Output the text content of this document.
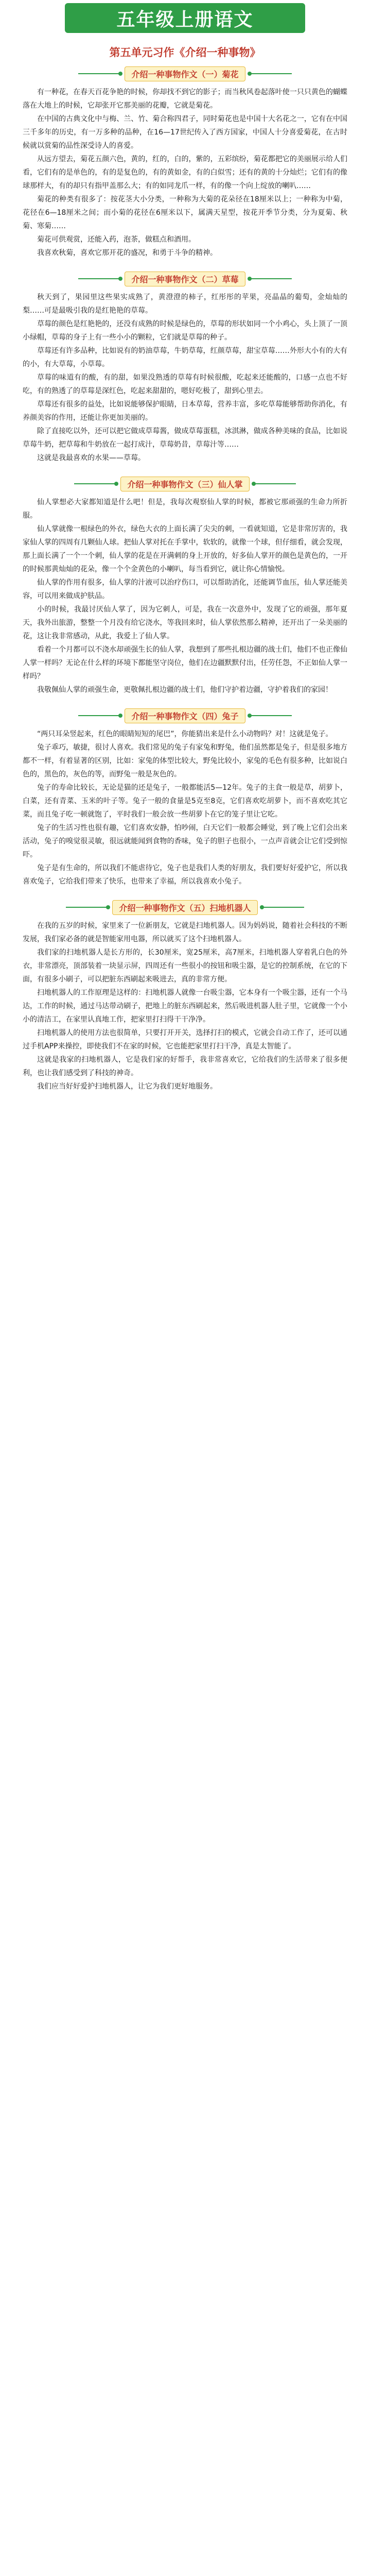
五年级上册语文
第五单元习作《介绍一种事物》
介绍一种事物作文（一）菊花

有一种花，在春天百花争艳的时候，你却找不到它的影子；而当秋风卷起落叶使一只只黄色的蝴蝶落在大地上的时候，它却张开它那美丽的花瓣，它就是菊花。

在中国的古典文化中与梅、兰、竹、菊合称四君子，同时菊花也是中国十大名花之一，它有在中国三千多年的历史，有一万多种的品种，在16—17世纪传入了西方国家，中国人十分喜爱菊花，在古时候就以赏菊的品性深受诗人的喜爱。

从远方望去，菊花五颜六色，黄的，红的，白的，紫的，五彩缤纷，菊花都把它的美丽展示给人们看，它们有的是单色的，有的是复色的，有的黄如金，有的白似雪；还有的黄的十分灿烂；它们有的像球那样大，有的却只有指甲盖那么大；有的如同龙爪一样，有的像一个向上绽放的喇叭……

菊花的种类有很多了：按花茎大小分类，一种称为大菊的花朵径在18厘米以上；一种称为中菊，花径在6—18厘米之间；而小菊的花径在6厘米以下，属满天星型，按花开季节分类，分为夏菊、秋菊、寒菊……

菊花可供观赏，还能入药，泡茶，做糕点和酒用。

我喜欢秋菊，喜欢它那开花的盛况，和勇于斗争的精神。

介绍一种事物作文（二）草莓

秋天到了，果园里这些果实成熟了，黄澄澄的柿子，红彤彤的苹果，亮晶晶的葡萄，金灿灿的梨……可是最吸引我的是红艳艳的草莓。

草莓的颜色是红艳艳的，还没有成熟的时候是绿色的，草莓的形状如同一个小鸡心，头上顶了一顶小绿帽，草莓的身子上有一些小小的颗粒，它们就是草莓的种子。

草莓还有许多品种，比如说有的奶油草莓，牛奶草莓，红颜草莓，甜宝草莓……外形大小有的大有的小，有大草莓，小草莓。

草莓的味道有的酸，有的甜，如果没熟透的草莓有时候很酸，吃起来还能酸的，口感一点也不好吃，有的熟透了的草莓是深红色，吃起来甜甜的，嗯好吃极了，甜到心里去。

草莓还有很多的益处，比如说能够保护眼睛，日本草莓，营养丰富，多吃草莓能够帮助你消化，有养颜美容的作用，还能让你更加美丽的。

除了直接吃以外，还可以把它做成草莓酱，做成草莓蛋糕，冰淇淋，做成各种美味的食品，比如说草莓牛奶，把草莓和牛奶放在一起打成汁，草莓奶昔，草莓汁等……

这就是我最喜欢的水果——草莓。

介绍一种事物作文（三）仙人掌

仙人掌想必大家都知道是什么吧！但是，我每次观察仙人掌的时候，都被它那顽强的生命力所折服。

仙人掌就像一根绿色的外衣，绿色大衣的上面长满了尖尖的刺，一看就知道，它是非常厉害的，我家仙人掌的四周有几颗仙人球。把仙人掌对托在手掌中，软软的，就像一个球，但仔细看，就会发现，那上面长满了一个一个刺，仙人掌的花是在开满刺的身上开放的，好多仙人掌开的颜色是黄色的，一开的时候那黄灿灿的花朵，像一个个金黄色的小喇叭，每当看到它，就让你心情愉悦。

仙人掌的作用有很多，仙人掌的汁液可以治疗伤口，可以帮助消化，还能调节血压，仙人掌还能美容，可以用来做成护肤品。

小的时候，我最讨厌仙人掌了，因为它刺人，可是，我在一次意外中，发现了它的顽强，那年夏天，我外出旅游，整整一个月没有给它浇水，等我回来时，仙人掌依然那么精神，还开出了一朵美丽的花，这让我非常感动，从此，我爱上了仙人掌。

看着一个月都可以不浇水却顽强生长的仙人掌，我想到了那些扎根边疆的战士们，他们不也正像仙人掌一样吗？无论在什么样的环境下都能坚守岗位，他们在边疆默默付出，任劳任怨，不正如仙人掌一样吗？

我敬佩仙人掌的顽强生命，更敬佩扎根边疆的战士们，他们守护着边疆，守护着我们的家园！

介绍一种事物作文（四）兔子

“两只耳朵竖起来，红色的眼睛短短的尾巴”，你能猜出来是什么小动物吗？对！这就是兔子。

兔子乖巧，敏捷，很讨人喜欢。我们常见的兔子有家兔和野兔，他们虽然都是兔子，但是很多地方都不一样，有着显著的区别，比如：家兔的体型比较大，野兔比较小，家兔的毛色有很多种，比如说白色的，黑色的，灰色的等，而野兔一般是灰色的。

兔子的寿命比较长，无论是猫的还是兔子，一般都能活5—12年。兔子的主食一般是草，胡萝卜，白菜，还有青菜、玉米的叶子等。兔子一般的食量是5克至8克，它们喜欢吃胡萝卜，而不喜欢吃其它菜，而且兔子吃一顿就饱了，平时我们一般会放一些胡萝卜在它的笼子里让它吃。

兔子的生活习性也很有趣，它们喜欢安静，怕吵闹，白天它们一般都会睡觉，到了晚上它们会出来活动，兔子的嗅觉很灵敏，很远就能闻到食物的香味，兔子的胆子也很小，一点声音就会让它们受到惊吓。

兔子是有生命的，所以我们不能虐待它，兔子也是我们人类的好朋友，我们要好好爱护它，所以我喜欢兔子，它给我们带来了快乐，也带来了幸福，所以我喜欢小兔子。

介绍一种事物作文（五）扫地机器人

在我的五岁的时候，家里来了一位新朋友，它就是扫地机器人。因为妈妈说，随着社会科技的不断发展，我们家必备的就是智能家用电器，所以就买了这个扫地机器人。

我们家的扫地机器人是长方形的，长30厘米，宽25厘米，高7厘米，扫地机器人穿着乳白色的外衣，非常漂亮，顶部装着一块显示屏，四周还有一些很小的按钮和吸尘器，是它的控制系统，在它的下面，有很多小刷子，可以把脏东西刷起来吸进去，真的非常方便。

扫地机器人的工作原理是这样的：扫地机器人就像一台吸尘器，它本身有一个吸尘器，还有一个马达，工作的时候，通过马达带动刷子，把地上的脏东西刷起来，然后吸进机器人肚子里，它就像一个小小的清洁工，在家里认真地工作，把家里打扫得干干净净。

扫地机器人的使用方法也很简单，只要打开开关，选择打扫的模式，它就会自动工作了，还可以通过手机APP来操控，即使我们不在家的时候，它也能把家里打扫干净，真是太智能了。

这就是我家的扫地机器人，它是我们家的好帮手，我非常喜欢它，它给我们的生活带来了很多便利，也让我们感受到了科技的神奇。

我们应当好好爱护扫地机器人，让它为我们更好地服务。
